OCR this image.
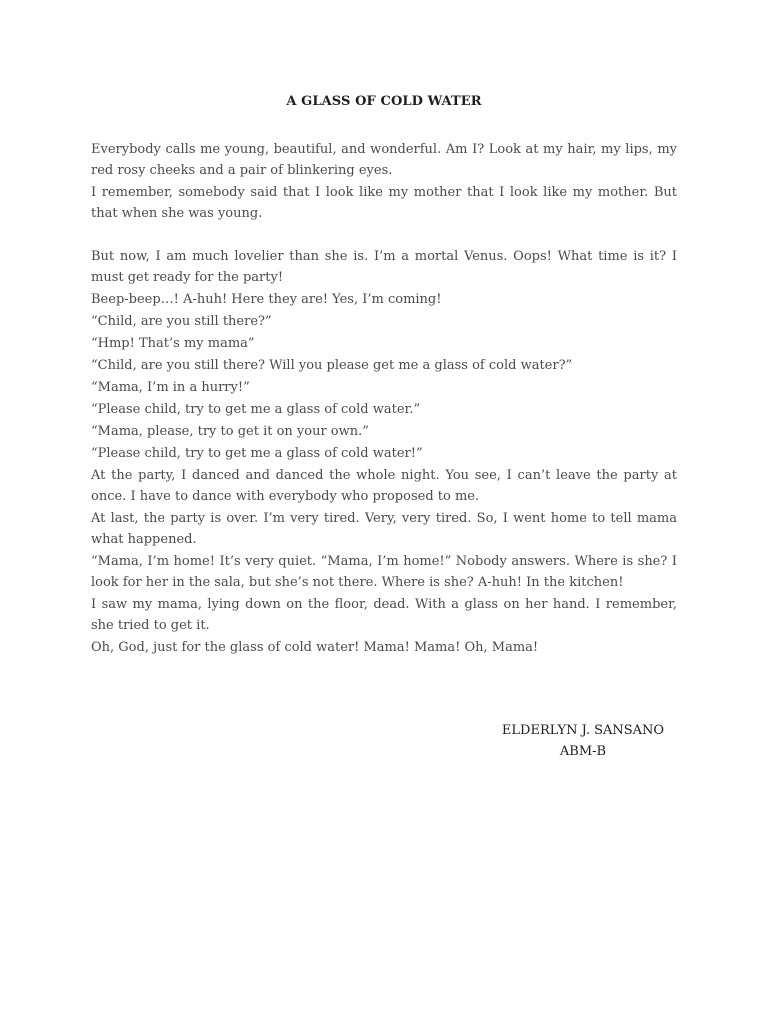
A GLASS OF COLD WATER

Everybody calls me young, beautiful, and wonderful. Am I? Look at my hair, my lips, my red rosy cheeks and a pair of blinkering eyes.

I remember, somebody said that I look like my mother that I look like my mother. But that when she was young.

But now, I am much lovelier than she is. I’m a mortal Venus. Oops! What time is it? I must get ready for the party!

Beep-beep…! A-huh! Here they are! Yes, I’m coming!

“Child, are you still there?”

“Hmp! That’s my mama”

“Child, are you still there? Will you please get me a glass of cold water?”

“Mama, I’m in a hurry!”

“Please child, try to get me a glass of cold water.”

“Mama, please, try to get it on your own.”

“Please child, try to get me a glass of cold water!”

At the party, I danced and danced the whole night. You see, I can’t leave the party at once. I have to dance with everybody who proposed to me.

At last, the party is over. I’m very tired. Very, very tired. So, I went home to tell mama what happened.

“Mama, I’m home! It’s very quiet. “Mama, I’m home!” Nobody answers. Where is she? I look for her in the sala, but she’s not there. Where is she? A-huh! In the kitchen!

I saw my mama, lying down on the floor, dead. With a glass on her hand. I remember, she tried to get it.

Oh, God, just for the glass of cold water! Mama! Mama! Oh, Mama!

ELDERLYN J. SANSANO
ABM-B
